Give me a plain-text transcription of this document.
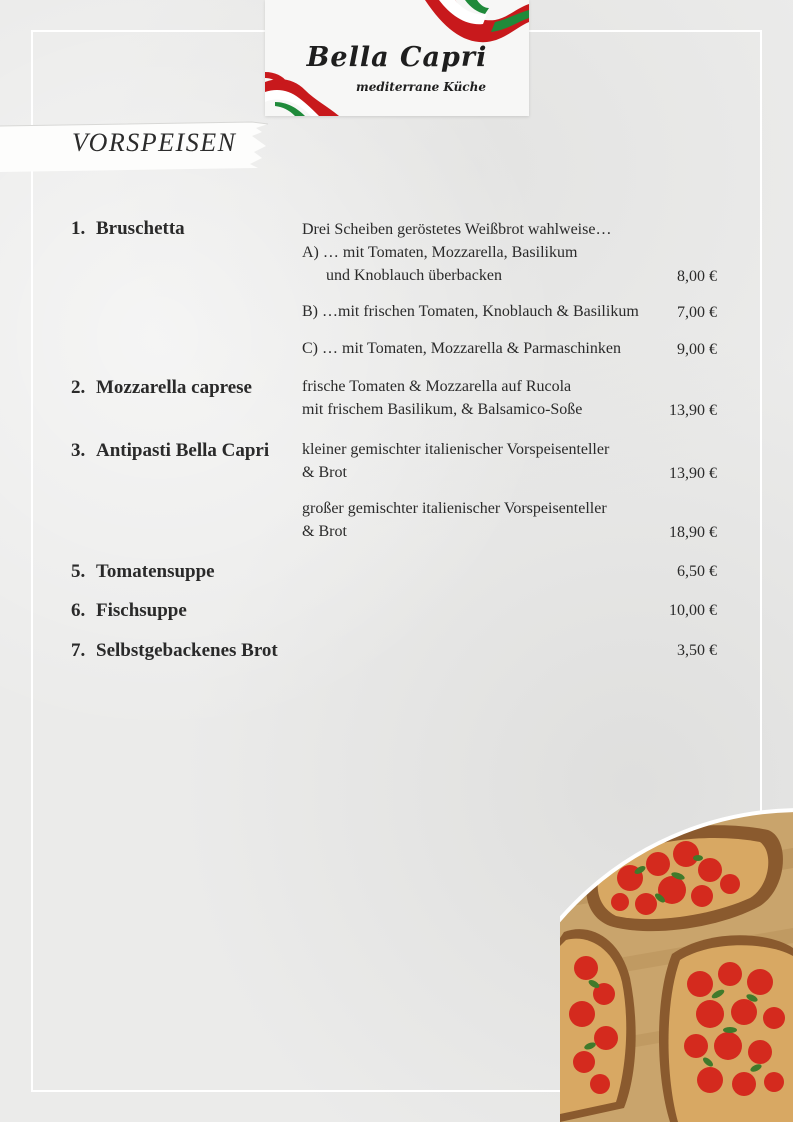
Bella Capri
mediterrane Küche
VORSPEISEN
1. Bruschetta	Drei Scheiben geröstetes Weißbrot wahlweise…
A) … mit Tomaten, Mozzarella, Basilikum
und Knoblauch überbacken	8,00 €
B) …mit frischen Tomaten, Knoblauch & Basilikum 7,00 €
C) … mit Tomaten, Mozzarella & Parmaschinken	9,00 €
2. Mozzarella caprese	frische Tomaten & Mozzarella auf Rucola
mit frischem Basilikum, & Balsamico-Soße	13,90 €
3. Antipasti Bella Capri kleiner gemischter italienischer Vorspeisenteller
& Brot	13,90 €
großer gemischter italienischer Vorspeisenteller
& Brot	18,90 €
5. Tomatensuppe	6,50 €
6. Fischsuppe	10,00 €
7. Selbstgebackenes Brot	3,50 €
